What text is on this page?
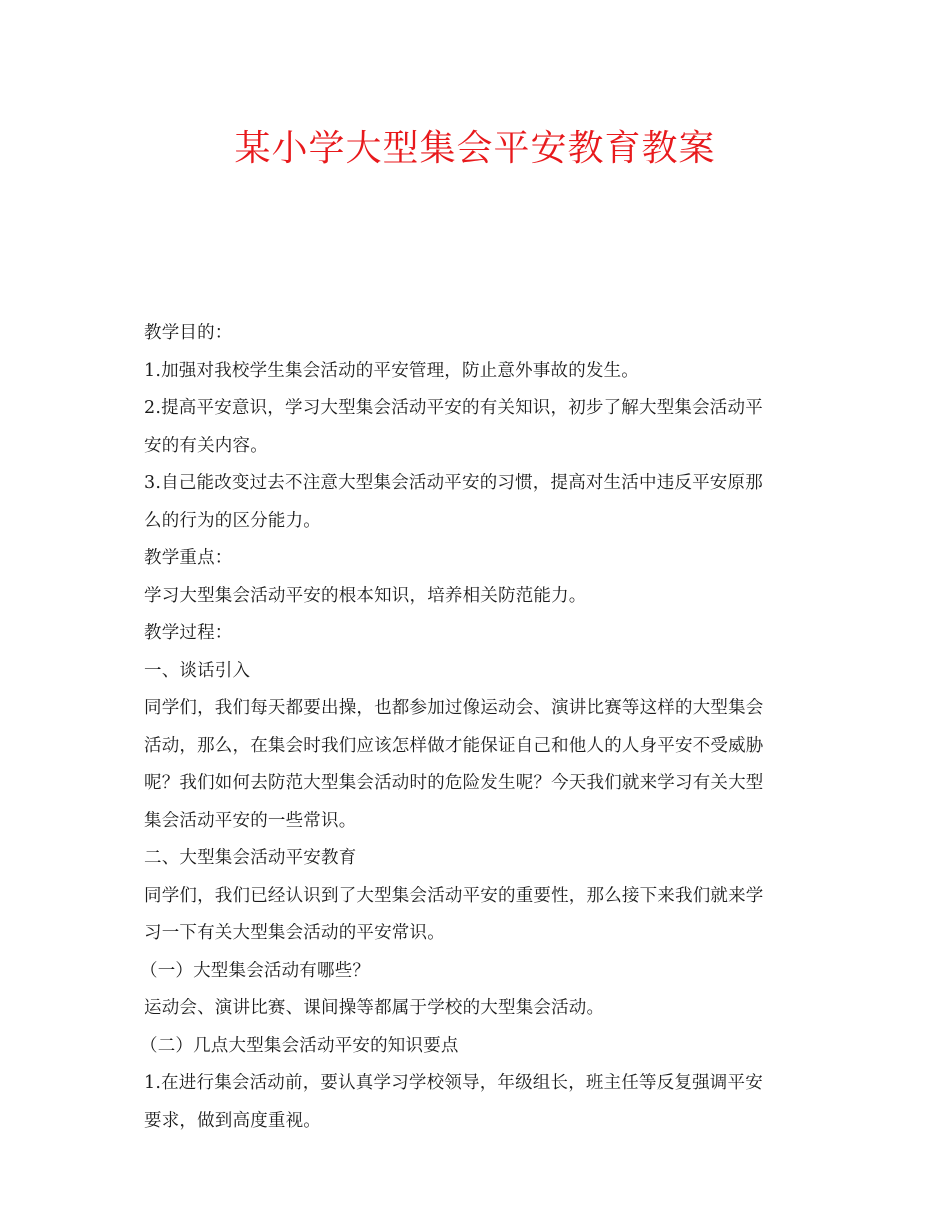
某小学大型集会平安教育教案
教学目的：
1.加强对我校学生集会活动的平安管理，防止意外事故的发生。
2.提高平安意识，学习大型集会活动平安的有关知识，初步了解大型集会活动平
安的有关内容。
3.自己能改变过去不注意大型集会活动平安的习惯，提高对生活中违反平安原那
么的行为的区分能力。
教学重点：
学习大型集会活动平安的根本知识，培养相关防范能力。
教学过程：
一、谈话引入
同学们，我们每天都要出操，也都参加过像运动会、演讲比赛等这样的大型集会
活动，那么，在集会时我们应该怎样做才能保证自己和他人的人身平安不受威胁
呢？我们如何去防范大型集会活动时的危险发生呢？今天我们就来学习有关大型
集会活动平安的一些常识。
二、大型集会活动平安教育
同学们，我们已经认识到了大型集会活动平安的重要性，那么接下来我们就来学
习一下有关大型集会活动的平安常识。
（一）大型集会活动有哪些？
运动会、演讲比赛、课间操等都属于学校的大型集会活动。
（二）几点大型集会活动平安的知识要点
1.在进行集会活动前，要认真学习学校领导，年级组长，班主任等反复强调平安
要求，做到高度重视。
